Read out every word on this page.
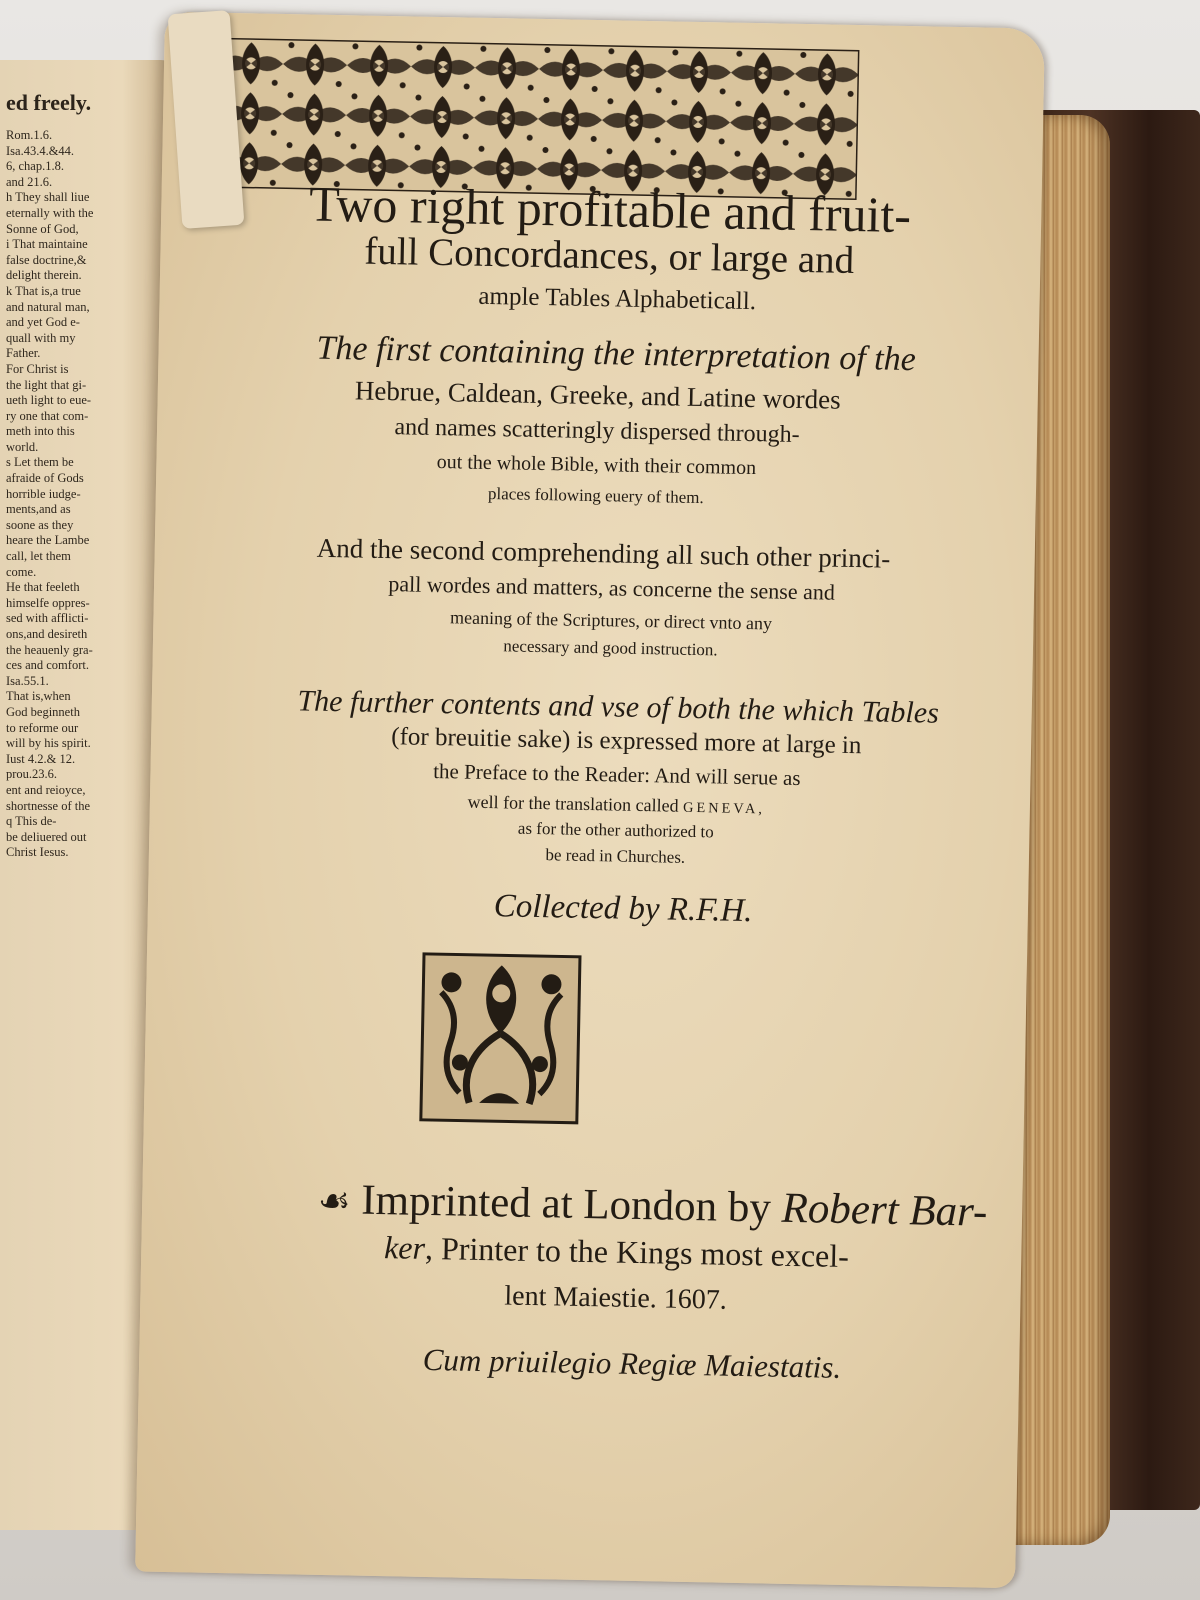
ed freely.
Rom.1.6.
Isa.43.4.&44.
6, chap.1.8.
and 21.6.
h They shall liue
eternally with the
Sonne of God,
i That maintaine
false doctrine,&
delight therein.
k That is,a true
and natural man,
and yet God e-
quall with my
Father.
For Christ is
the light that gi-
ueth light to eue-
ry one that com-
meth into this
world.
s Let them be
afraide of Gods
horrible iudge-
ments,and as
soone as they
heare the Lambe
call, let them
come.
He that feeleth
himselfe oppres-
sed with afflicti-
ons,and desireth
the heauenly gra-
ces and comfort.
Isa.55.1.
That is,when
God beginneth
to reforme our
will by his spirit.
Iust 4.2.& 12.
prou.23.6.
ent and reioyce,
shortnesse of the
q This de-
be deliuered out
Christ Iesus.
Two right profitable and fruit-
full Concordances, or large and
ample Tables Alphabeticall.
The first containing the interpretation of the
Hebrue, Caldean, Greeke, and Latine wordes
and names scatteringly dispersed through-
out the whole Bible, with their common
places following euery of them.
And the second comprehending all such other princi-
pall wordes and matters, as concerne the sense and
meaning of the Scriptures, or direct vnto any
necessary and good instruction.
The further contents and vse of both the which Tables
(for breuitie sake) is expressed more at large in
the Preface to the Reader: And will serue as
well for the translation called GENEVA,
as for the other authorized to
be read in Churches.
Collected by R.F.H.
☙ Imprinted at London by Robert Bar-
ker, Printer to the Kings most excel-
lent Maiestie. 1607.
Cum priuilegio Regiæ Maiestatis.
